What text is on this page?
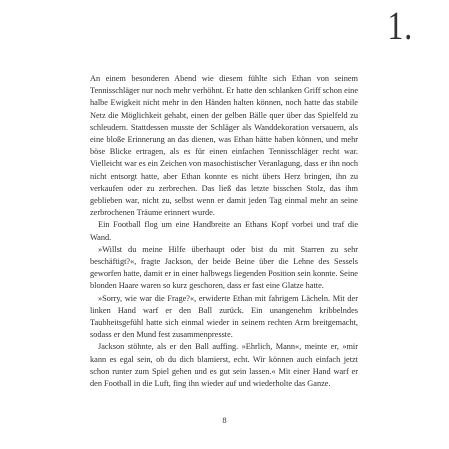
1.

An einem besonderen Abend wie diesem fühlte sich Ethan von seinem Tennisschläger nur noch mehr verhöhnt. Er hatte den schlanken Griff schon eine halbe Ewigkeit nicht mehr in den Händen halten können, noch hatte das stabile Netz die Möglichkeit gehabt, einen der gelben Bälle quer über das Spielfeld zu schleudern. Stattdessen musste der Schläger als Wanddekoration versauern, als eine bloße Erinnerung an das dienen, was Ethan hätte haben können, und mehr böse Blicke ertragen, als es für einen einfachen Tennisschläger recht war. Vielleicht war es ein Zeichen von masochistischer Veranlagung, dass er ihn noch nicht entsorgt hatte, aber Ethan konnte es nicht übers Herz bringen, ihn zu verkaufen oder zu zerbrechen. Das ließ das letzte bisschen Stolz, das ihm geblieben war, nicht zu, selbst wenn er damit jeden Tag einmal mehr an seine zerbrochenen Träume erinnert wurde.

Ein Football flog um eine Handbreite an Ethans Kopf vorbei und traf die Wand.

»Willst du meine Hilfe überhaupt oder bist du mit Starren zu sehr beschäftigt?«, fragte Jackson, der beide Beine über die Lehne des Sessels geworfen hatte, damit er in einer halbwegs liegenden Position sein konnte. Seine blonden Haare waren so kurz geschoren, dass er fast eine Glatze hatte.

»Sorry, wie war die Frage?«, erwiderte Ethan mit fahrigem Lächeln. Mit der linken Hand warf er den Ball zurück. Ein unangenehm kribbelndes Taubheitsgefühl hatte sich einmal wieder in seinem rechten Arm breitgemacht, sodass er den Mund fest zusammenpresste.

Jackson stöhnte, als er den Ball auffing. »Ehrlich, Mann«, meinte er, »mir kann es egal sein, ob du dich blamierst, echt. Wir können auch einfach jetzt schon runter zum Spiel gehen und es gut sein lassen.« Mit einer Hand warf er den Football in die Luft, fing ihn wieder auf und wiederholte das Ganze.

8
